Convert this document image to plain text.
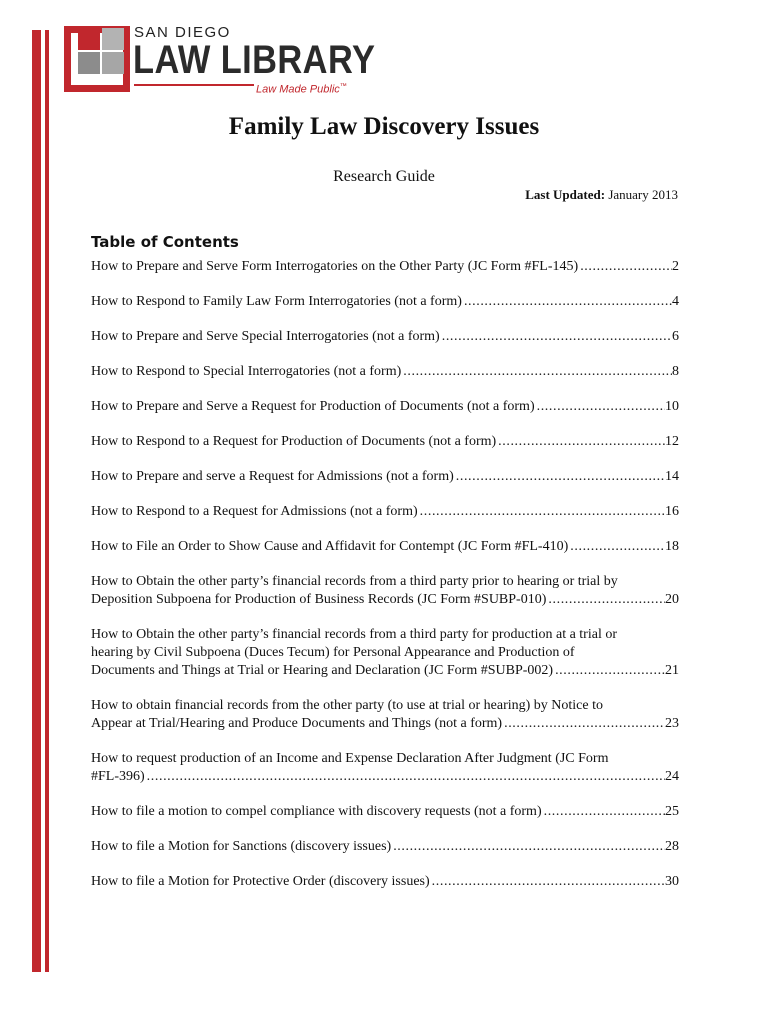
SAN DIEGO
LAW LIBRARY
Law Made Public™
Family Law Discovery Issues
Research Guide
Last Updated: January 2013
Table of Contents
How to Prepare and Serve Form Interrogatories on the Other Party (JC Form #FL-145) .....	2
How to Respond to Family Law Form Interrogatories (not a form) .....	4
How to Prepare and Serve Special Interrogatories (not a form) .....	6
How to Respond to Special Interrogatories (not a form) .....	8
How to Prepare and Serve a Request for Production of Documents (not a form) .....	10
How to Respond to a Request for Production of Documents (not a form) .....	12
How to Prepare and serve a Request for Admissions (not a form) .....	14
How to Respond to a Request for Admissions (not a form) .....	16
How to File an Order to Show Cause and Affidavit for Contempt (JC Form #FL-410) .....	18
How to Obtain the other party’s financial records from a third party prior to hearing or trial by
Deposition Subpoena for Production of Business Records (JC Form #SUBP-010) .....	20
How to Obtain the other party’s financial records from a third party for production at a trial or
hearing by Civil Subpoena (Duces Tecum) for Personal Appearance and Production of
Documents and Things at Trial or Hearing and Declaration (JC Form #SUBP-002) .....	21
How to obtain financial records from the other party (to use at trial or hearing) by Notice to
Appear at Trial/Hearing and Produce Documents and Things (not a form) .....	23
How to request production of an Income and Expense Declaration After Judgment (JC Form
#FL-396) .....	24
How to file a motion to compel compliance with discovery requests (not a form) .....	25
How to file a Motion for Sanctions (discovery issues) .....	28
How to file a Motion for Protective Order (discovery issues) .....	30
